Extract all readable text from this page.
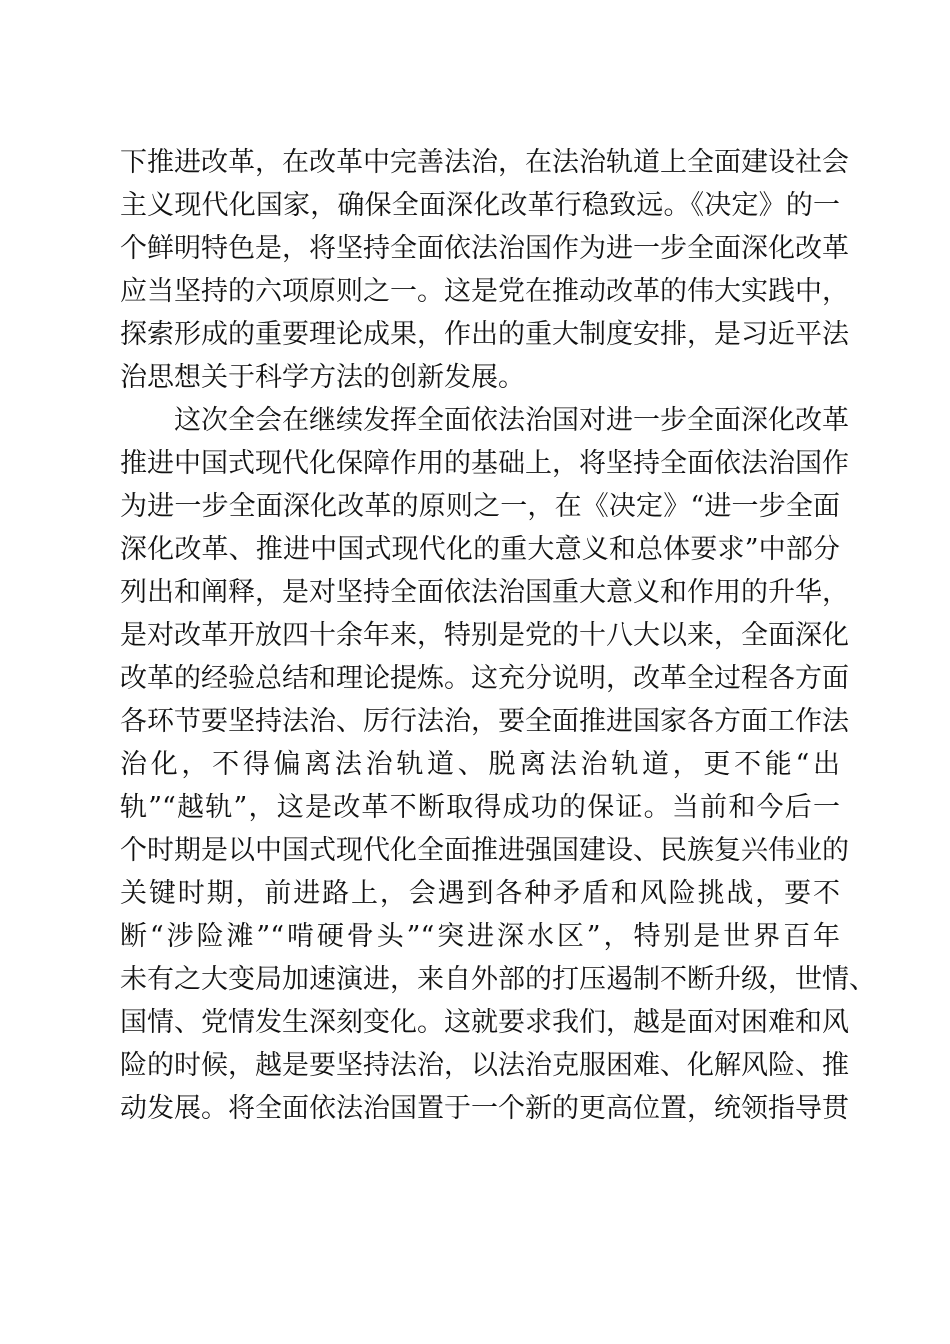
下推进改革，在改革中完善法治，在法治轨道上全面建设社会
主义现代化国家，确保全面深化改革行稳致远。《决定》的一
个鲜明特色是，将坚持全面依法治国作为进一步全面深化改革
应当坚持的六项原则之一。这是党在推动改革的伟大实践中，
探索形成的重要理论成果，作出的重大制度安排，是习近平法
治思想关于科学方法的创新发展。
这次全会在继续发挥全面依法治国对进一步全面深化改革
推进中国式现代化保障作用的基础上，将坚持全面依法治国作
为进一步全面深化改革的原则之一，在《决定》“进一步全面
深化改革、推进中国式现代化的重大意义和总体要求”中部分
列出和阐释，是对坚持全面依法治国重大意义和作用的升华，
是对改革开放四十余年来，特别是党的十八大以来，全面深化
改革的经验总结和理论提炼。这充分说明，改革全过程各方面
各环节要坚持法治、厉行法治，要全面推进国家各方面工作法
治化，不得偏离法治轨道、脱离法治轨道，更不能“出
轨”“越轨”，这是改革不断取得成功的保证。当前和今后一
个时期是以中国式现代化全面推进强国建设、民族复兴伟业的
关键时期，前进路上，会遇到各种矛盾和风险挑战，要不
断“涉险滩”“啃硬骨头”“突进深水区”，特别是世界百年
未有之大变局加速演进，来自外部的打压遏制不断升级，世情、
国情、党情发生深刻变化。这就要求我们，越是面对困难和风
险的时候，越是要坚持法治，以法治克服困难、化解风险、推
动发展。将全面依法治国置于一个新的更高位置，统领指导贯
